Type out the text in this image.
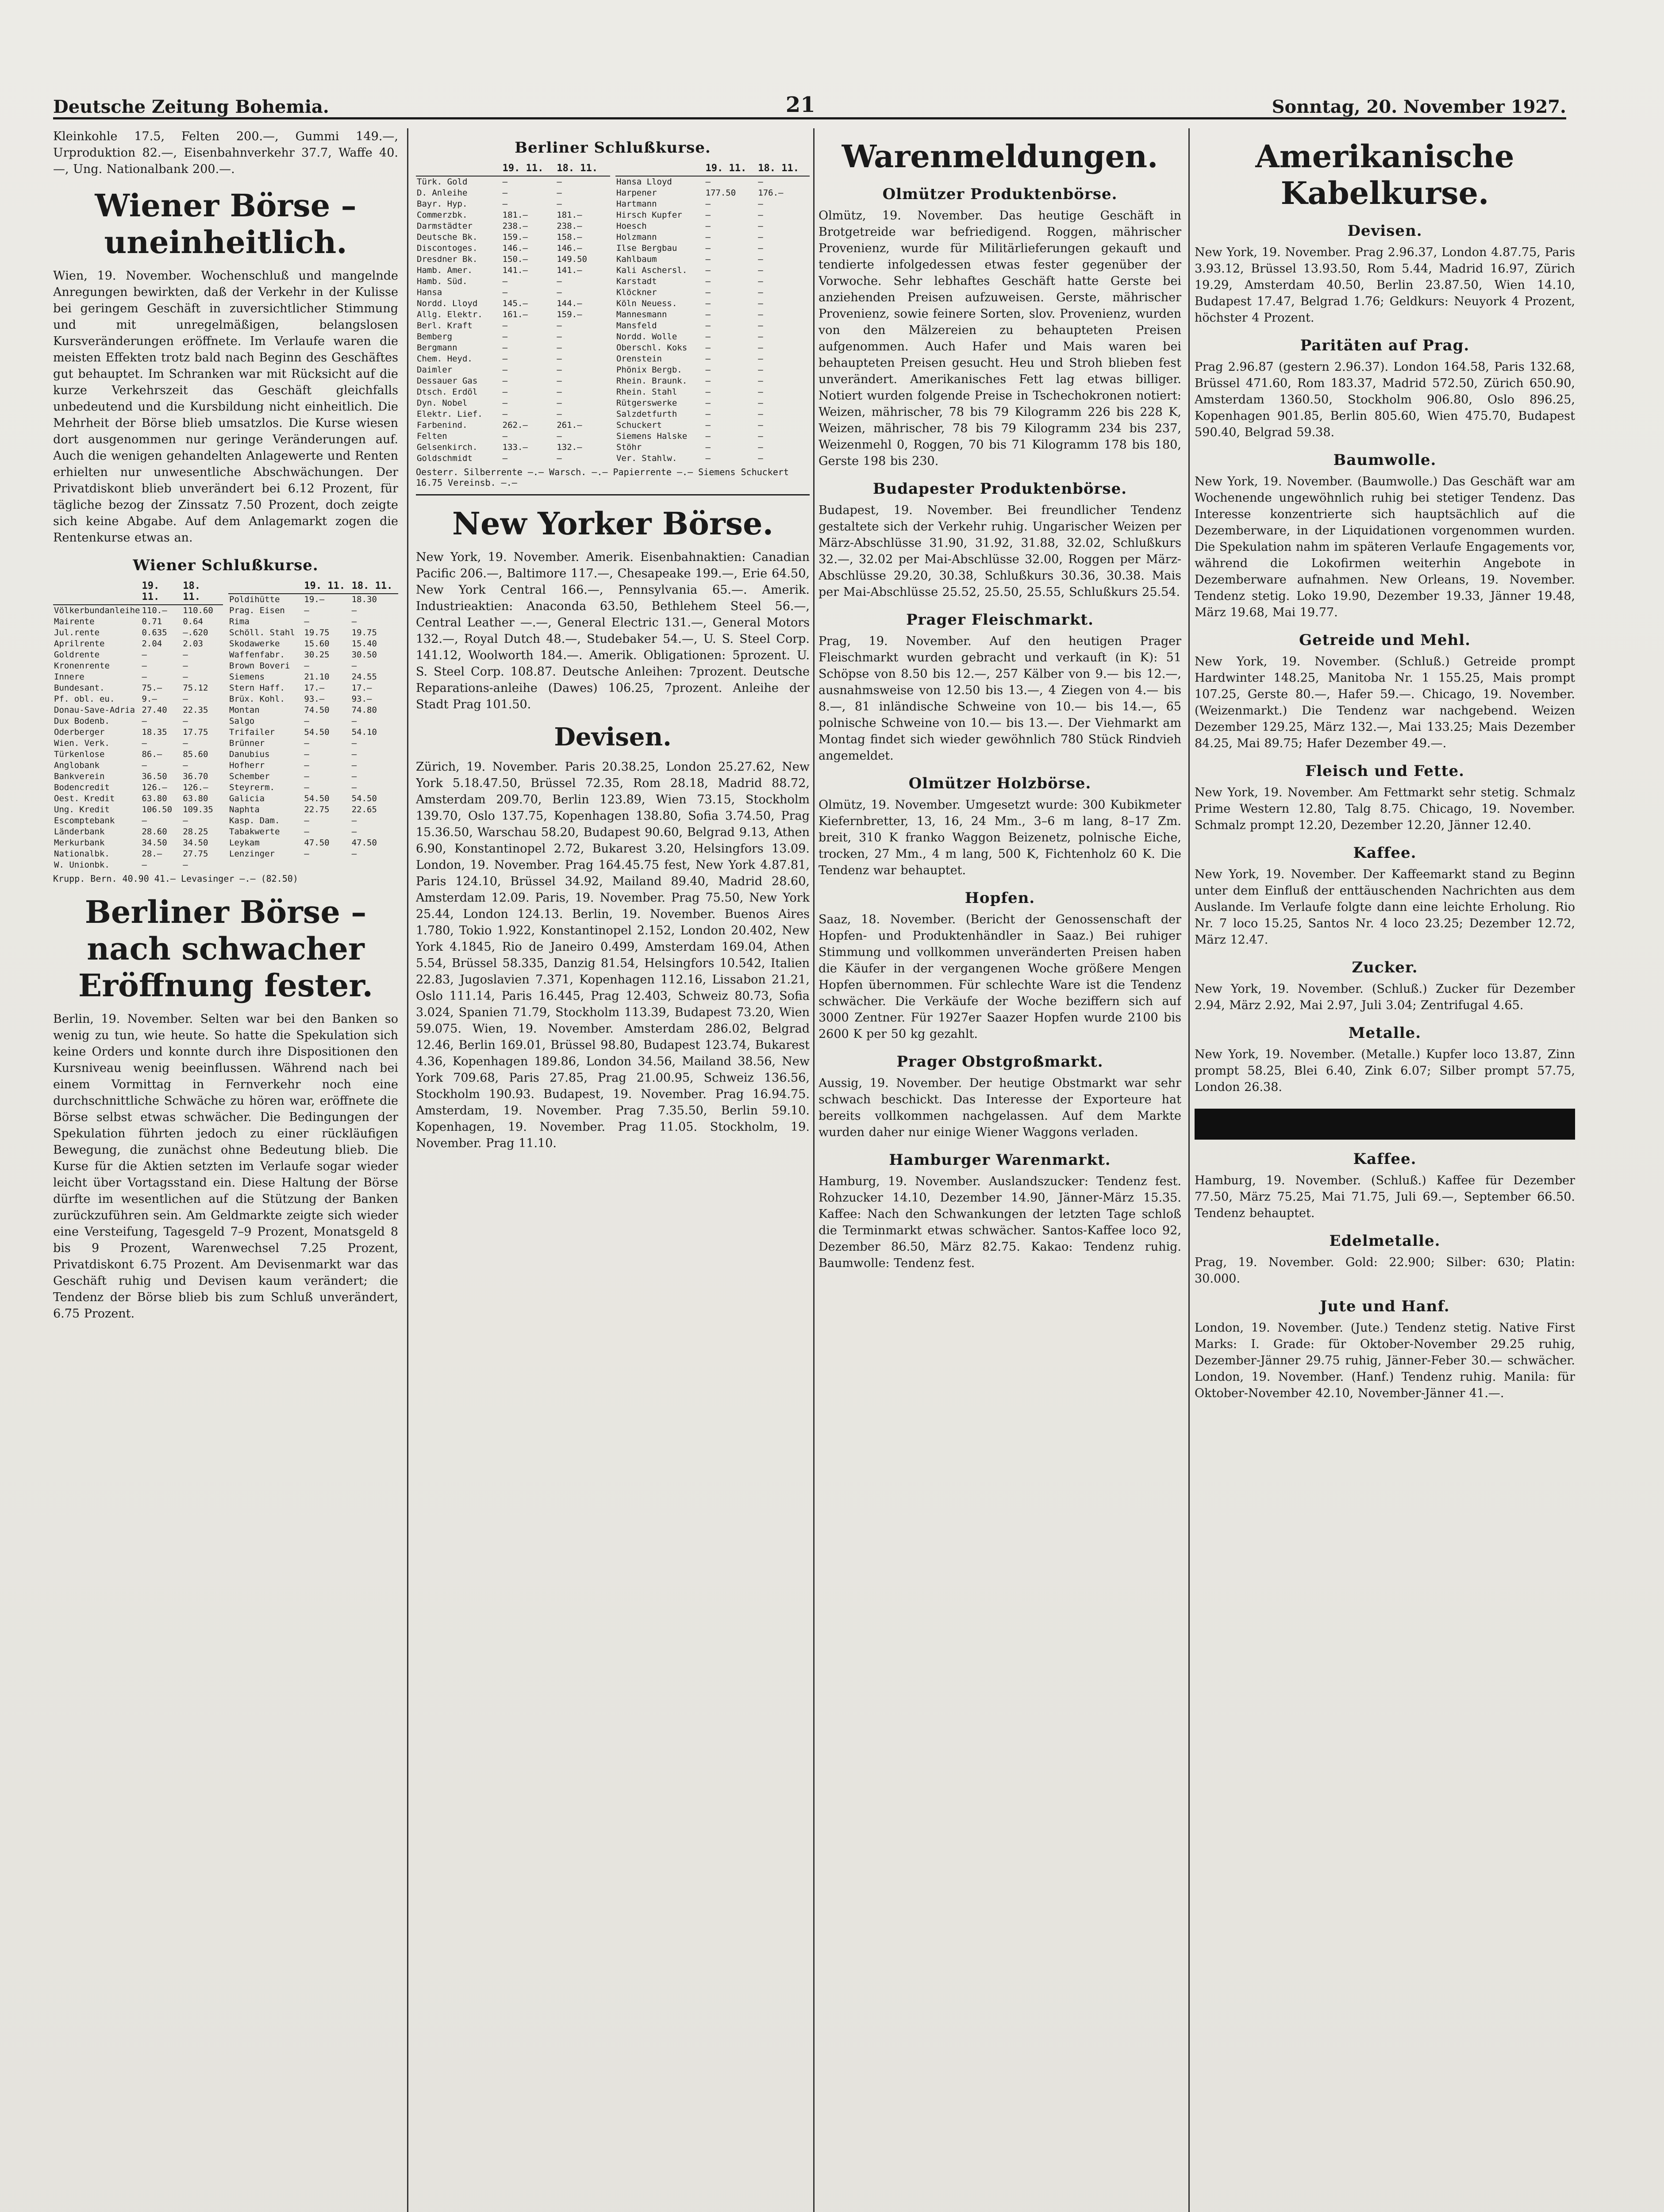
Deutsche Zeitung Bohemia.	21	Sonntag, 20. November 1927.

Kleinkohle 17.5, Felten 200.—, Gummi 149.—, Urproduktion 82.—, Eisenbahnverkehr 37.7, Waffe 40.—, Ung. Nationalbank 200.—.

Wiener Börse – uneinheitlich.

Wien, 19. November. Wochenschluß und mangelnde Anregungen bewirkten, daß der Verkehr in der Kulisse bei geringem Geschäft in zuversichtlicher Stimmung und mit unregelmäßigen, belangslosen Kursveränderungen eröffnete. Im Verlaufe waren die meisten Effekten trotz bald nach Beginn des Geschäftes gut behauptet. Im Schranken war mit Rücksicht auf die kurze Verkehrszeit das Geschäft gleichfalls unbedeutend und die Kursbildung nicht einheitlich. Die Mehrheit der Börse blieb umsatzlos. Die Kurse wiesen dort ausgenommen nur geringe Veränderungen auf. Auch die wenigen gehandelten Anlagewerte und Renten erhielten nur unwesentliche Abschwächungen. Der Privatdiskont blieb unverändert bei 6.12 Prozent, für tägliche bezog der Zinssatz 7.50 Prozent, doch zeigte sich keine Abgabe. Auf dem Anlagemarkt zogen die Rentenkurse etwas an.

Wiener Schlußkurse.
	19. 11.	18. 11.
Völkerbundanleihe	110.—	110.60
Mairente	0.71	0.64
Jul.rente	0.635	—.620
Aprilrente	2.04	2.03
Goldrente	—	—
Kronenrente	—	—
Innere	—	—
Bundesant.	75.—	75.12
Pf. obl. eu.	9.—	—
Donau-Save-Adria	27.40	22.35
Dux Bodenb.	—	—
Oderberger	18.35	17.75
Wien. Verk.	—	—
Türkenlose	86.—	85.60
Anglobank	—	—
Bankverein	36.50	36.70
Bodencredit	126.—	126.—
Oest. Kredit	63.80	63.80
Ung. Kredit	106.50	109.35
Escomptebank	—	—
Länderbank	28.60	28.25
Merkurbank	34.50	34.50
Nationalbk.	28.—	27.75
W. Unionbk.	—	—
	19. 11.	18. 11.
Poldihütte	19.—	18.30
Prag. Eisen	—	—
Rima	—	—
Schöll. Stahl	19.75	19.75
Skodawerke	15.60	15.40
Waffenfabr.	30.25	30.50
Brown Boveri	—	—
Siemens	21.10	24.55
Stern Haff.	17.—	17.—
Brüx. Kohl.	93.—	93.—
Montan	74.50	74.80
Salgo	—	—
Trifailer	54.50	54.10
Brünner	—	—
Danubius	—	—
Hofherr	—	—
Schember	—	—
Steyrerm.	—	—
Galicia	54.50	54.50
Naphta	22.75	22.65
Kasp. Dam.	—	—
Tabakwerte	—	—
Leykam	47.50	47.50
Lenzinger	—	—
Krupp. Bern. 40.90 41.— Levasinger —.— (82.50)
Berliner Börse – nach schwacher Eröffnung fester.

Berlin, 19. November. Selten war bei den Banken so wenig zu tun, wie heute. So hatte die Spekulation sich keine Orders und konnte durch ihre Dispositionen den Kursniveau wenig beeinflussen. Während nach bei einem Vormittag in Fernverkehr noch eine durchschnittliche Schwäche zu hören war, eröffnete die Börse selbst etwas schwächer. Die Bedingungen der Spekulation führten jedoch zu einer rückläufigen Bewegung, die zunächst ohne Bedeutung blieb. Die Kurse für die Aktien setzten im Verlaufe sogar wieder leicht über Vortagsstand ein. Diese Haltung der Börse dürfte im wesentlichen auf die Stützung der Banken zurückzuführen sein. Am Geldmarkte zeigte sich wieder eine Versteifung, Tagesgeld 7–9 Prozent, Monatsgeld 8 bis 9 Prozent, Warenwechsel 7.25 Prozent, Privatdiskont 6.75 Prozent. Am Devisenmarkt war das Geschäft ruhig und Devisen kaum verändert; die Tendenz der Börse blieb bis zum Schluß unverändert, 6.75 Prozent.

Berliner Schlußkurse.
	19. 11.	18. 11.
Türk. Gold	—	—
D. Anleihe	—	—
Bayr. Hyp.	—	—
Commerzbk.	181.—	181.—
Darmstädter	238.—	238.—
Deutsche Bk.	159.—	158.—
Discontoges.	146.—	146.—
Dresdner Bk.	150.—	149.50
Hamb. Amer.	141.—	141.—
Hamb. Süd.	—	—
Hansa	—	—
Nordd. Lloyd	145.—	144.—
Allg. Elektr.	161.—	159.—
Berl. Kraft	—	—
Bemberg	—	—
Bergmann	—	—
Chem. Heyd.	—	—
Daimler	—	—
Dessauer Gas	—	—
Dtsch. Erdöl	—	—
Dyn. Nobel	—	—
Elektr. Lief.	—	—
Farbenind.	262.—	261.—
Felten	—	—
Gelsenkirch.	133.—	132.—
Goldschmidt	—	—
	19. 11.	18. 11.
Hansa Lloyd	—	—
Harpener	177.50	176.—
Hartmann	—	—
Hirsch Kupfer	—	—
Hoesch	—	—
Holzmann	—	—
Ilse Bergbau	—	—
Kahlbaum	—	—
Kali Aschersl.	—	—
Karstadt	—	—
Klöckner	—	—
Köln Neuess.	—	—
Mannesmann	—	—
Mansfeld	—	—
Nordd. Wolle	—	—
Oberschl. Koks	—	—
Orenstein	—	—
Phönix Bergb.	—	—
Rhein. Braunk.	—	—
Rhein. Stahl	—	—
Rütgerswerke	—	—
Salzdetfurth	—	—
Schuckert	—	—
Siemens Halske	—	—
Stöhr	—	—
Ver. Stahlw.	—	—
Oesterr. Silberrente —.— Warsch. —.— Papierrente —.— Siemens Schuckert 16.75 Vereinsb. —.—
New Yorker Börse.

New York, 19. November. Amerik. Eisenbahnaktien: Canadian Pacific 206.—, Baltimore 117.—, Chesapeake 199.—, Erie 64.50, New York Central 166.—, Pennsylvania 65.—. Amerik. Industrieaktien: Anaconda 63.50, Bethlehem Steel 56.—, Central Leather —.—, General Electric 131.—, General Motors 132.—, Royal Dutch 48.—, Studebaker 54.—, U. S. Steel Corp. 141.12, Woolworth 184.—. Amerik. Obligationen: 5prozent. U. S. Steel Corp. 108.87. Deutsche Anleihen: 7prozent. Deutsche Reparations-anleihe (Dawes) 106.25, 7prozent. Anleihe der Stadt Prag 101.50.

Devisen.

Zürich, 19. November. Paris 20.38.25, London 25.27.62, New York 5.18.47.50, Brüssel 72.35, Rom 28.18, Madrid 88.72, Amsterdam 209.70, Berlin 123.89, Wien 73.15, Stockholm 139.70, Oslo 137.75, Kopenhagen 138.80, Sofia 3.74.50, Prag 15.36.50, Warschau 58.20, Budapest 90.60, Belgrad 9.13, Athen 6.90, Konstantinopel 2.72, Bukarest 3.20, Helsingfors 13.09. London, 19. November. Prag 164.45.75 fest, New York 4.87.81, Paris 124.10, Brüssel 34.92, Mailand 89.40, Madrid 28.60, Amsterdam 12.09. Paris, 19. November. Prag 75.50, New York 25.44, London 124.13. Berlin, 19. November. Buenos Aires 1.780, Tokio 1.922, Konstantinopel 2.152, London 20.402, New York 4.1845, Rio de Janeiro 0.499, Amsterdam 169.04, Athen 5.54, Brüssel 58.335, Danzig 81.54, Helsingfors 10.542, Italien 22.83, Jugoslavien 7.371, Kopenhagen 112.16, Lissabon 21.21, Oslo 111.14, Paris 16.445, Prag 12.403, Schweiz 80.73, Sofia 3.024, Spanien 71.79, Stockholm 113.39, Budapest 73.20, Wien 59.075. Wien, 19. November. Amsterdam 286.02, Belgrad 12.46, Berlin 169.01, Brüssel 98.80, Budapest 123.74, Bukarest 4.36, Kopenhagen 189.86, London 34.56, Mailand 38.56, New York 709.68, Paris 27.85, Prag 21.00.95, Schweiz 136.56, Stockholm 190.93. Budapest, 19. November. Prag 16.94.75. Amsterdam, 19. November. Prag 7.35.50, Berlin 59.10. Kopenhagen, 19. November. Prag 11.05. Stockholm, 19. November. Prag 11.10.

Warenmeldungen.
Olmützer Produktenbörse.

Olmütz, 19. November. Das heutige Geschäft in Brotgetreide war befriedigend. Roggen, mährischer Provenienz, wurde für Militärlieferungen gekauft und tendierte infolgedessen etwas fester gegenüber der Vorwoche. Sehr lebhaftes Geschäft hatte Gerste bei anziehenden Preisen aufzuweisen. Gerste, mährischer Provenienz, sowie feinere Sorten, slov. Provenienz, wurden von den Mälzereien zu behaupteten Preisen aufgenommen. Auch Hafer und Mais waren bei behaupteten Preisen gesucht. Heu und Stroh blieben fest unverändert. Amerikanisches Fett lag etwas billiger. Notiert wurden folgende Preise in Tschechokronen notiert: Weizen, mährischer, 78 bis 79 Kilogramm 226 bis 228 K, Weizen, mährischer, 78 bis 79 Kilogramm 234 bis 237, Weizenmehl 0, Roggen, 70 bis 71 Kilogramm 178 bis 180, Gerste 198 bis 230.

Budapester Produktenbörse.

Budapest, 19. November. Bei freundlicher Tendenz gestaltete sich der Verkehr ruhig. Ungarischer Weizen per März-Abschlüsse 31.90, 31.92, 31.88, 32.02, Schlußkurs 32.—, 32.02 per Mai-Abschlüsse 32.00, Roggen per März-Abschlüsse 29.20, 30.38, Schlußkurs 30.36, 30.38. Mais per Mai-Abschlüsse 25.52, 25.50, 25.55, Schlußkurs 25.54.

Prager Fleischmarkt.

Prag, 19. November. Auf den heutigen Prager Fleischmarkt wurden gebracht und verkauft (in K): 51 Schöpse von 8.50 bis 12.—, 257 Kälber von 9.— bis 12.—, ausnahmsweise von 12.50 bis 13.—, 4 Ziegen von 4.— bis 8.—, 81 inländische Schweine von 10.— bis 14.—, 65 polnische Schweine von 10.— bis 13.—. Der Viehmarkt am Montag findet sich wieder gewöhnlich 780 Stück Rindvieh angemeldet.

Olmützer Holzbörse.

Olmütz, 19. November. Umgesetzt wurde: 300 Kubikmeter Kiefernbretter, 13, 16, 24 Mm., 3–6 m lang, 8–17 Zm. breit, 310 K franko Waggon Beizenetz, polnische Eiche, trocken, 27 Mm., 4 m lang, 500 K, Fichtenholz 60 K. Die Tendenz war behauptet.

Hopfen.

Saaz, 18. November. (Bericht der Genossenschaft der Hopfen- und Produktenhändler in Saaz.) Bei ruhiger Stimmung und vollkommen unveränderten Preisen haben die Käufer in der vergangenen Woche größere Mengen Hopfen übernommen. Für schlechte Ware ist die Tendenz schwächer. Die Verkäufe der Woche beziffern sich auf 3000 Zentner. Für 1927er Saazer Hopfen wurde 2100 bis 2600 K per 50 kg gezahlt.

Prager Obstgroßmarkt.

Aussig, 19. November. Der heutige Obstmarkt war sehr schwach beschickt. Das Interesse der Exporteure hat bereits vollkommen nachgelassen. Auf dem Markte wurden daher nur einige Wiener Waggons verladen.

Hamburger Warenmarkt.

Hamburg, 19. November. Auslandszucker: Tendenz fest. Rohzucker 14.10, Dezember 14.90, Jänner-März 15.35. Kaffee: Nach den Schwankungen der letzten Tage schloß die Terminmarkt etwas schwächer. Santos-Kaffee loco 92, Dezember 86.50, März 82.75. Kakao: Tendenz ruhig. Baumwolle: Tendenz fest.

Amerikanische Kabelkurse.
Devisen.

New York, 19. November. Prag 2.96.37, London 4.87.75, Paris 3.93.12, Brüssel 13.93.50, Rom 5.44, Madrid 16.97, Zürich 19.29, Amsterdam 40.50, Berlin 23.87.50, Wien 14.10, Budapest 17.47, Belgrad 1.76; Geldkurs: Neuyork 4 Prozent, höchster 4 Prozent.

Paritäten auf Prag.

Prag 2.96.87 (gestern 2.96.37). London 164.58, Paris 132.68, Brüssel 471.60, Rom 183.37, Madrid 572.50, Zürich 650.90, Amsterdam 1360.50, Stockholm 906.80, Oslo 896.25, Kopenhagen 901.85, Berlin 805.60, Wien 475.70, Budapest 590.40, Belgrad 59.38.

Baumwolle.

New York, 19. November. (Baumwolle.) Das Geschäft war am Wochenende ungewöhnlich ruhig bei stetiger Tendenz. Das Interesse konzentrierte sich hauptsächlich auf die Dezemberware, in der Liquidationen vorgenommen wurden. Die Spekulation nahm im späteren Verlaufe Engagements vor, während die Lokofirmen weiterhin Angebote in Dezemberware aufnahmen. New Orleans, 19. November. Tendenz stetig. Loko 19.90, Dezember 19.33, Jänner 19.48, März 19.68, Mai 19.77.

Getreide und Mehl.

New York, 19. November. (Schluß.) Getreide prompt Hardwinter 148.25, Manitoba Nr. 1 155.25, Mais prompt 107.25, Gerste 80.—, Hafer 59.—. Chicago, 19. November. (Weizenmarkt.) Die Tendenz war nachgebend. Weizen Dezember 129.25, März 132.—, Mai 133.25; Mais Dezember 84.25, Mai 89.75; Hafer Dezember 49.—.

Fleisch und Fette.

New York, 19. November. Am Fettmarkt sehr stetig. Schmalz Prime Western 12.80, Talg 8.75. Chicago, 19. November. Schmalz prompt 12.20, Dezember 12.20, Jänner 12.40.

Kaffee.

New York, 19. November. Der Kaffeemarkt stand zu Beginn unter dem Einfluß der enttäuschenden Nachrichten aus dem Auslande. Im Verlaufe folgte dann eine leichte Erholung. Rio Nr. 7 loco 15.25, Santos Nr. 4 loco 23.25; Dezember 12.72, März 12.47.

Zucker.

New York, 19. November. (Schluß.) Zucker für Dezember 2.94, März 2.92, Mai 2.97, Juli 3.04; Zentrifugal 4.65.

Metalle.

New York, 19. November. (Metalle.) Kupfer loco 13.87, Zinn prompt 58.25, Blei 6.40, Zink 6.07; Silber prompt 57.75, London 26.38.

Kaffee.

Hamburg, 19. November. (Schluß.) Kaffee für Dezember 77.50, März 75.25, Mai 71.75, Juli 69.—, September 66.50. Tendenz behauptet.

Edelmetalle.

Prag, 19. November. Gold: 22.900; Silber: 630; Platin: 30.000.

Jute und Hanf.

London, 19. November. (Jute.) Tendenz stetig. Native First Marks: I. Grade: für Oktober-November 29.25 ruhig, Dezember-Jänner 29.75 ruhig, Jänner-Feber 30.— schwächer. London, 19. November. (Hanf.) Tendenz ruhig. Manila: für Oktober-November 42.10, November-Jänner 41.—.
